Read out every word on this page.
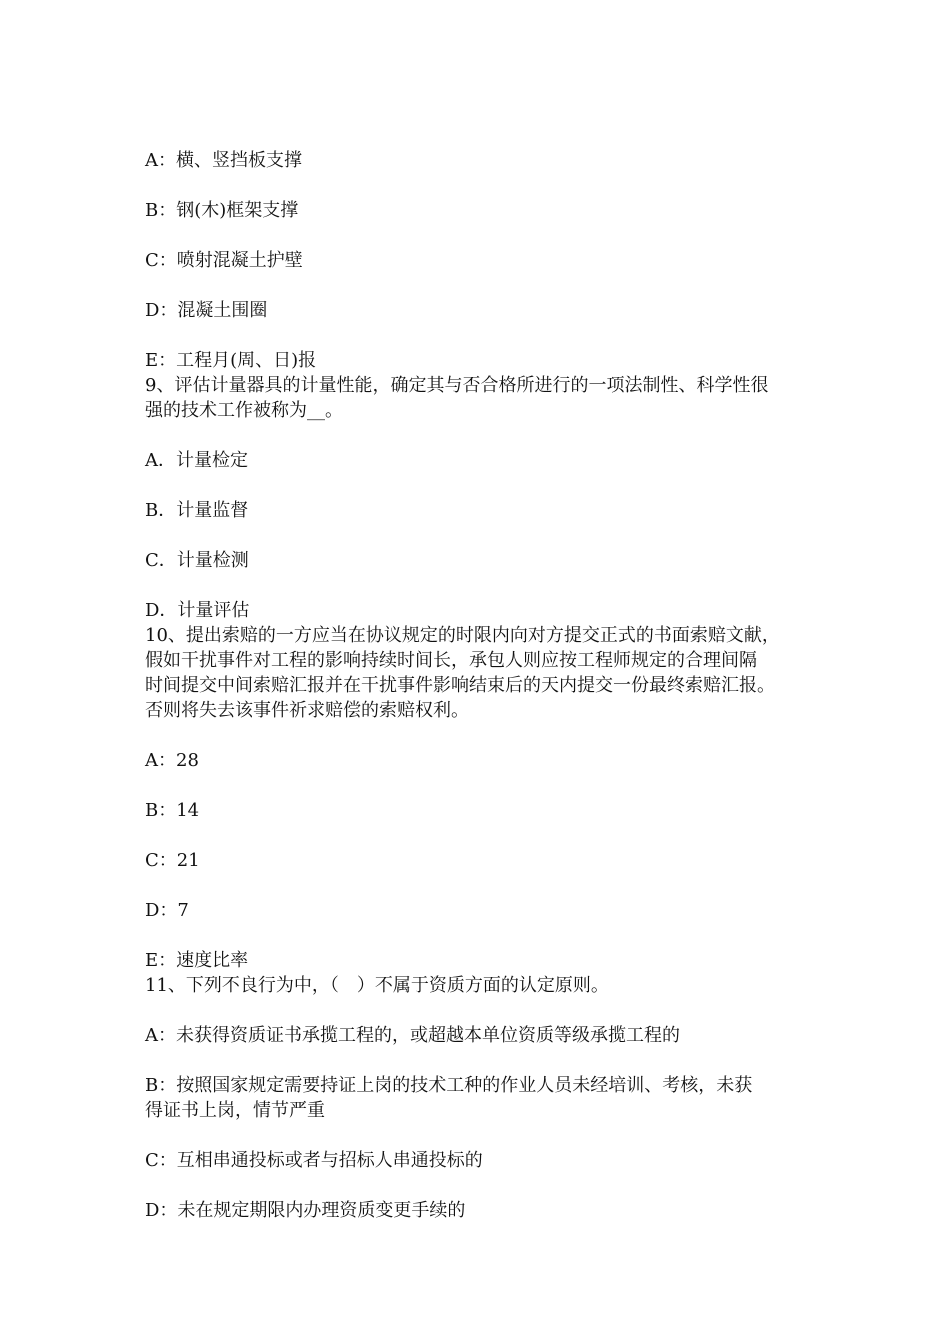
A：横、竖挡板支撑
B：钢(木)框架支撑
C：喷射混凝土护壁
D：混凝土围圈
E：工程月(周、日)报
9、评估计量器具的计量性能，确定其与否合格所进行的一项法制性、科学性很
强的技术工作被称为__。
A．计量检定
B．计量监督
C．计量检测
D．计量评估
10、提出索赔的一方应当在协议规定的时限内向对方提交正式的书面索赔文献，
假如干扰事件对工程的影响持续时间长，承包人则应按工程师规定的合理间隔
时间提交中间索赔汇报并在干扰事件影响结束后的天内提交一份最终索赔汇报。
否则将失去该事件祈求赔偿的索赔权利。
A：28
B：14
C：21
D：7
E：速度比率
11、下列不良行为中，（　）不属于资质方面的认定原则。
A：未获得资质证书承揽工程的，或超越本单位资质等级承揽工程的
B：按照国家规定需要持证上岗的技术工种的作业人员未经培训、考核，未获
得证书上岗，情节严重
C：互相串通投标或者与招标人串通投标的
D：未在规定期限内办理资质变更手续的
